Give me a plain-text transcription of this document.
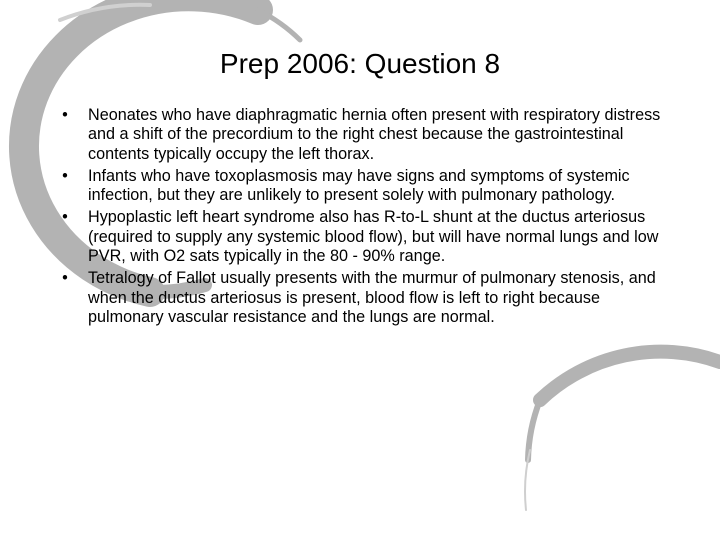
Prep 2006: Question 8
• Neonates who have diaphragmatic hernia often present with respiratory distress and a shift of the precordium to the right chest because the gastrointestinal contents typically occupy the left thorax.
• Infants who have toxoplasmosis may have signs and symptoms of systemic infection, but they are unlikely to present solely with pulmonary pathology.
• Hypoplastic left heart syndrome also has R-to-L shunt at the ductus arteriosus (required to supply any systemic blood flow), but will have normal lungs and low PVR, with O2 sats typically in the 80 - 90% range.
• Tetralogy of Fallot usually presents with the murmur of pulmonary stenosis, and when the ductus arteriosus is present, blood flow is left to right because pulmonary vascular resistance and the lungs are normal.
